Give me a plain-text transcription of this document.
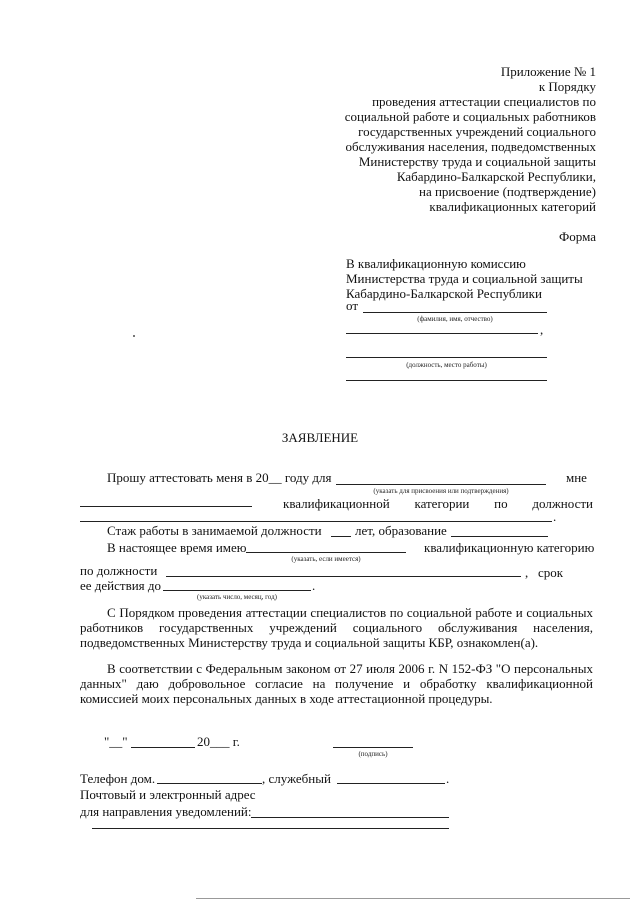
Приложение № 1
к Порядку
проведения аттестации специалистов по
социальной работе и социальных работников
государственных учреждений социального
обслуживания населения, подведомственных
Министерству труда и социальной защиты
Кабардино-Балкарской Республики,
на присвоение (подтверждение)
квалификационных категорий
Форма
В квалификационную комиссию
Министерства труда и социальной защиты
Кабардино-Балкарской Республики
от
(фамилия, имя, отчество)
,
(должность, место работы)
ЗАЯВЛЕНИЕ
Прошу аттестовать меня в 20__ году для
(указать для присвоения или подтверждения)
мне
квалификационной категории по должности
.
Стаж работы в занимаемой должности	лет, образование
В настоящее время имею
(указать, если имеется)
квалификационную категорию
по должности	,   срок
ее действия до	.
(указать число, месяц, год)
С Порядком проведения аттестации специалистов по социальной работе и социальных работников государственных учреждений социального обслуживания населения, подведомственных Министерству труда и социальной защиты КБР, ознакомлен(а).
В соответствии с Федеральным законом от 27 июля 2006 г. N 152-ФЗ "О персональных данных" даю добровольное согласие на получение и обработку квалификационной комиссией моих персональных данных в ходе аттестационной процедуры.
"__"	20___ г.
(подпись)
Телефон дом.	, служебный	.
Почтовый и электронный адрес
для направления уведомлений:
